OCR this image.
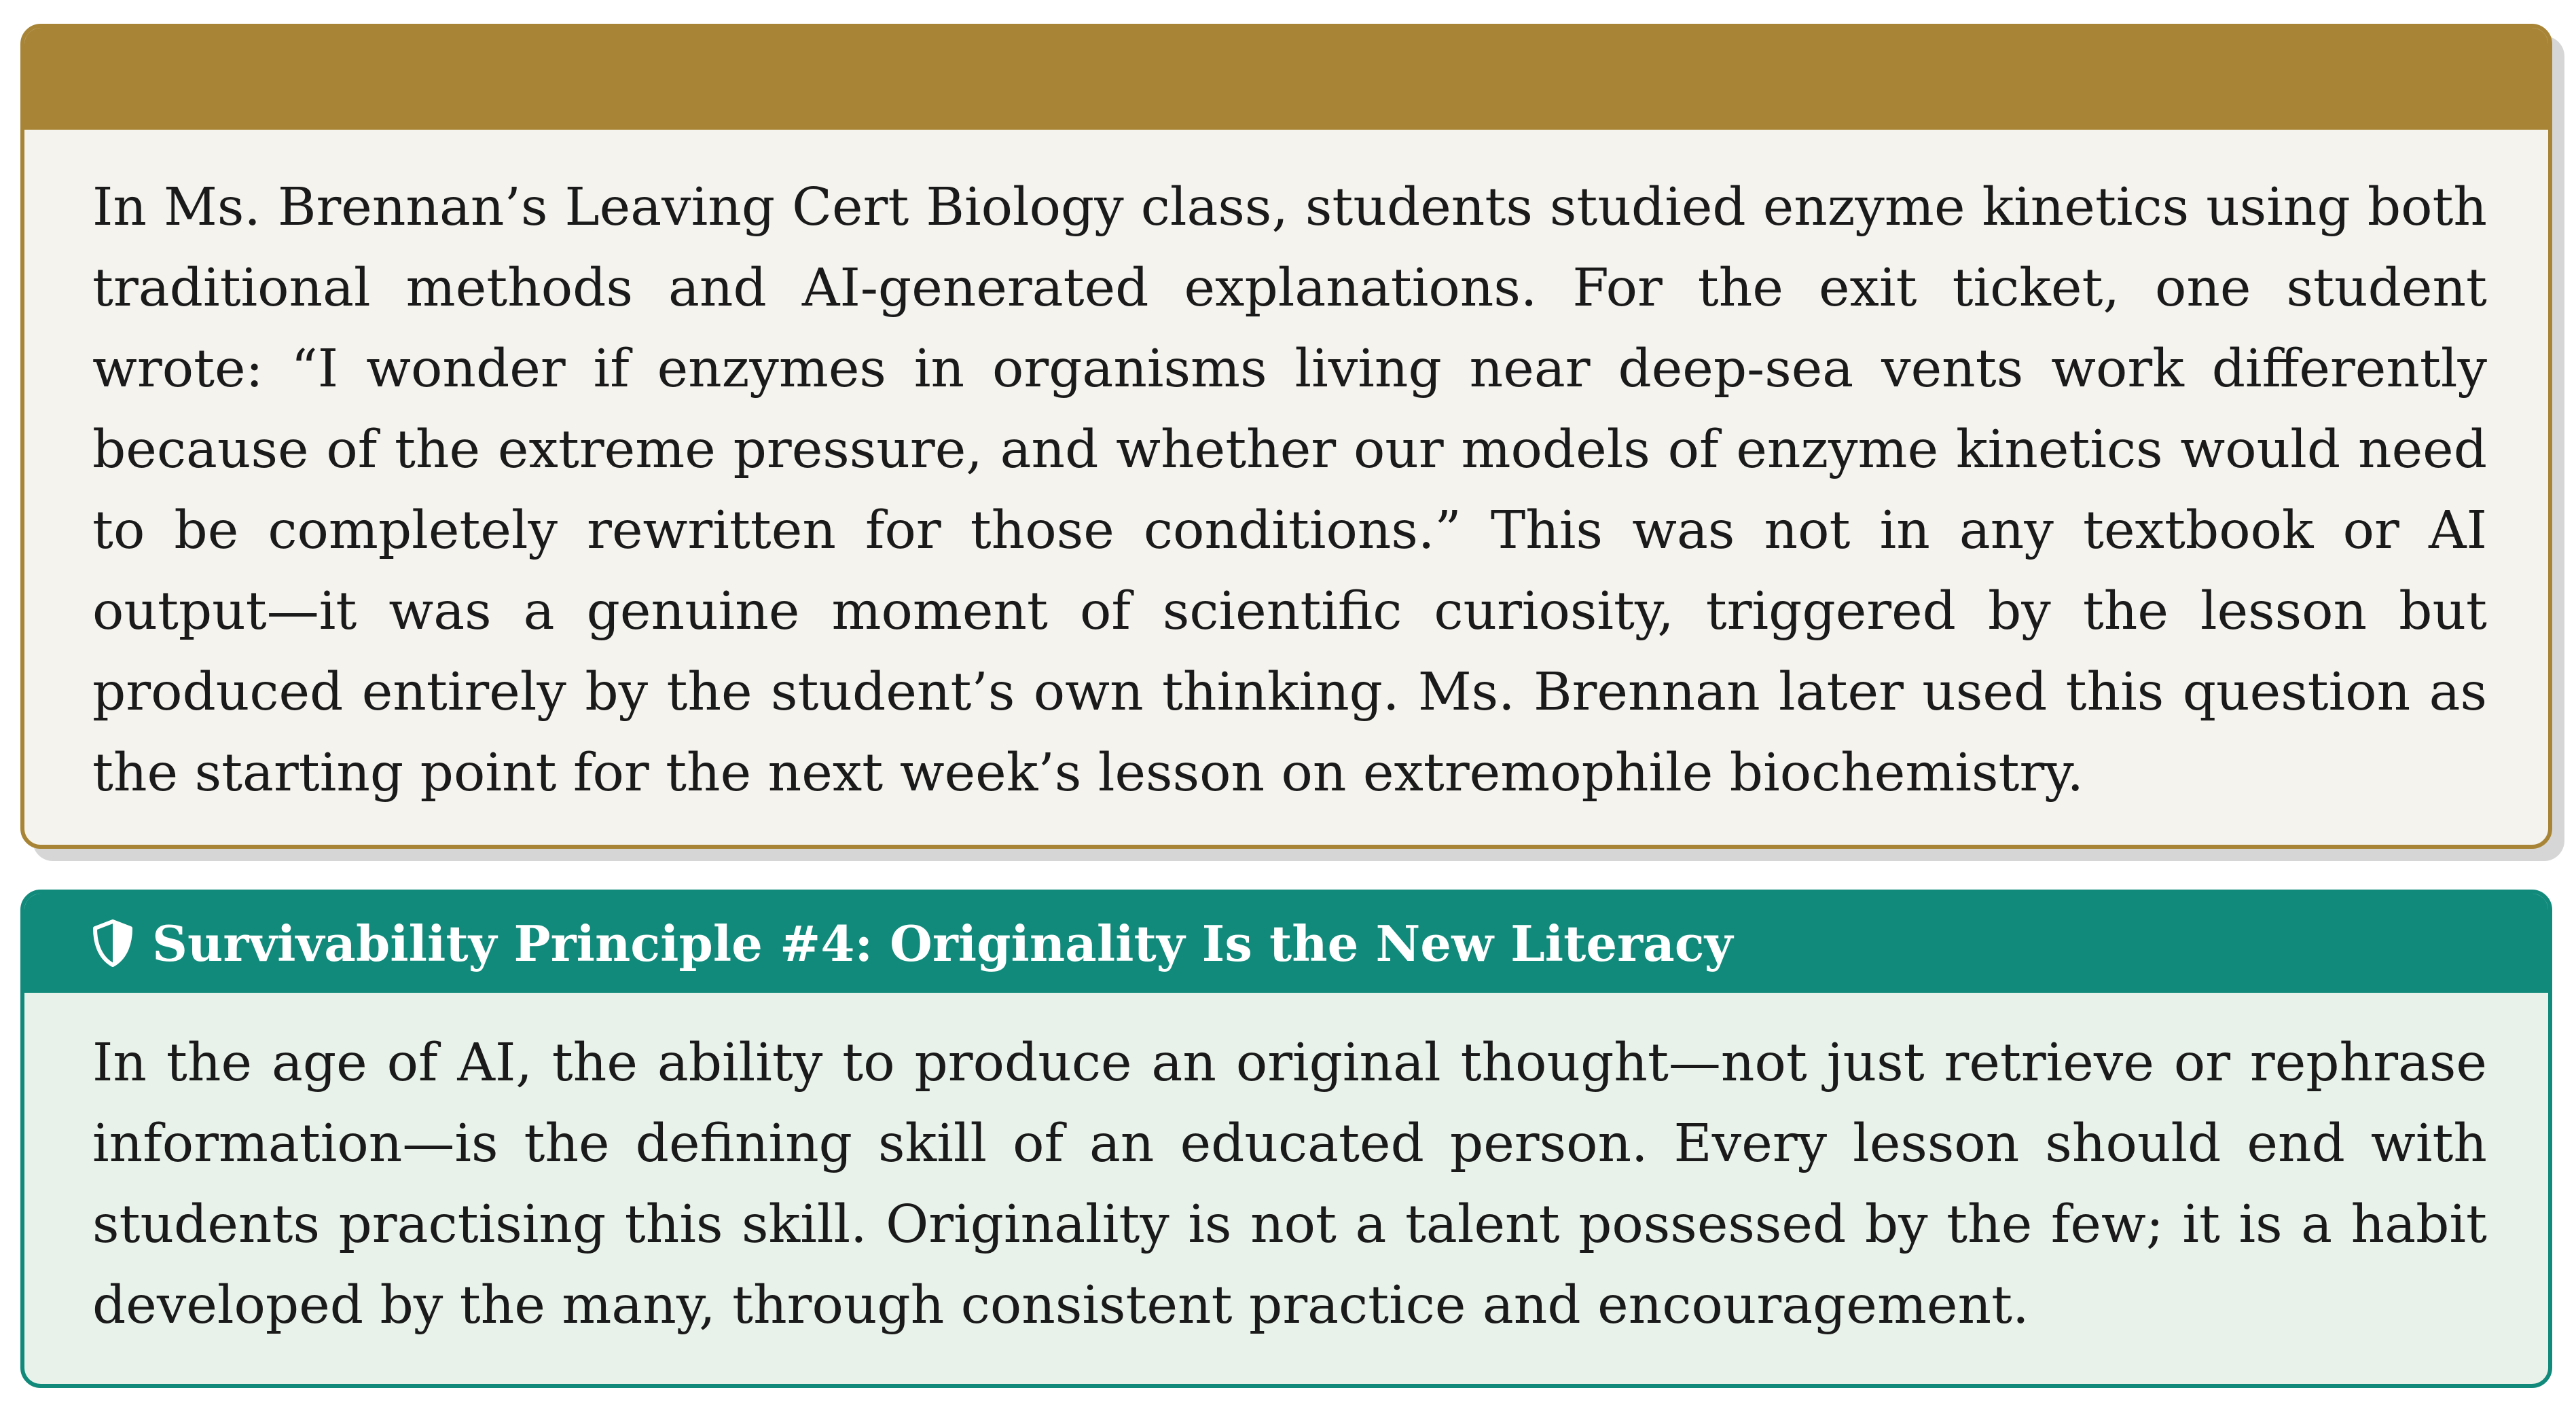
In Ms. Brennan’s Leaving Cert Biology class, students studied enzyme kinetics using both traditional methods and AI-generated explanations. For the exit ticket, one student wrote: “I wonder if enzymes in organisms living near deep-sea vents work differently because of the extreme pressure, and whether our models of enzyme kinetics would need to be completely rewritten for those conditions.” This was not in any textbook or AI output—it was a genuine moment of scientific curiosity, triggered by the lesson but produced entirely by the student’s own thinking. Ms. Brennan later used this question as the starting point for the next week’s lesson on extremophile biochemistry.

Survivability Principle #4: Originality Is the New Literacy

In the age of AI, the ability to produce an original thought—not just retrieve or rephrase information—is the defining skill of an educated person. Every lesson should end with students practising this skill. Originality is not a talent possessed by the few; it is a habit developed by the many, through consistent practice and encouragement.
